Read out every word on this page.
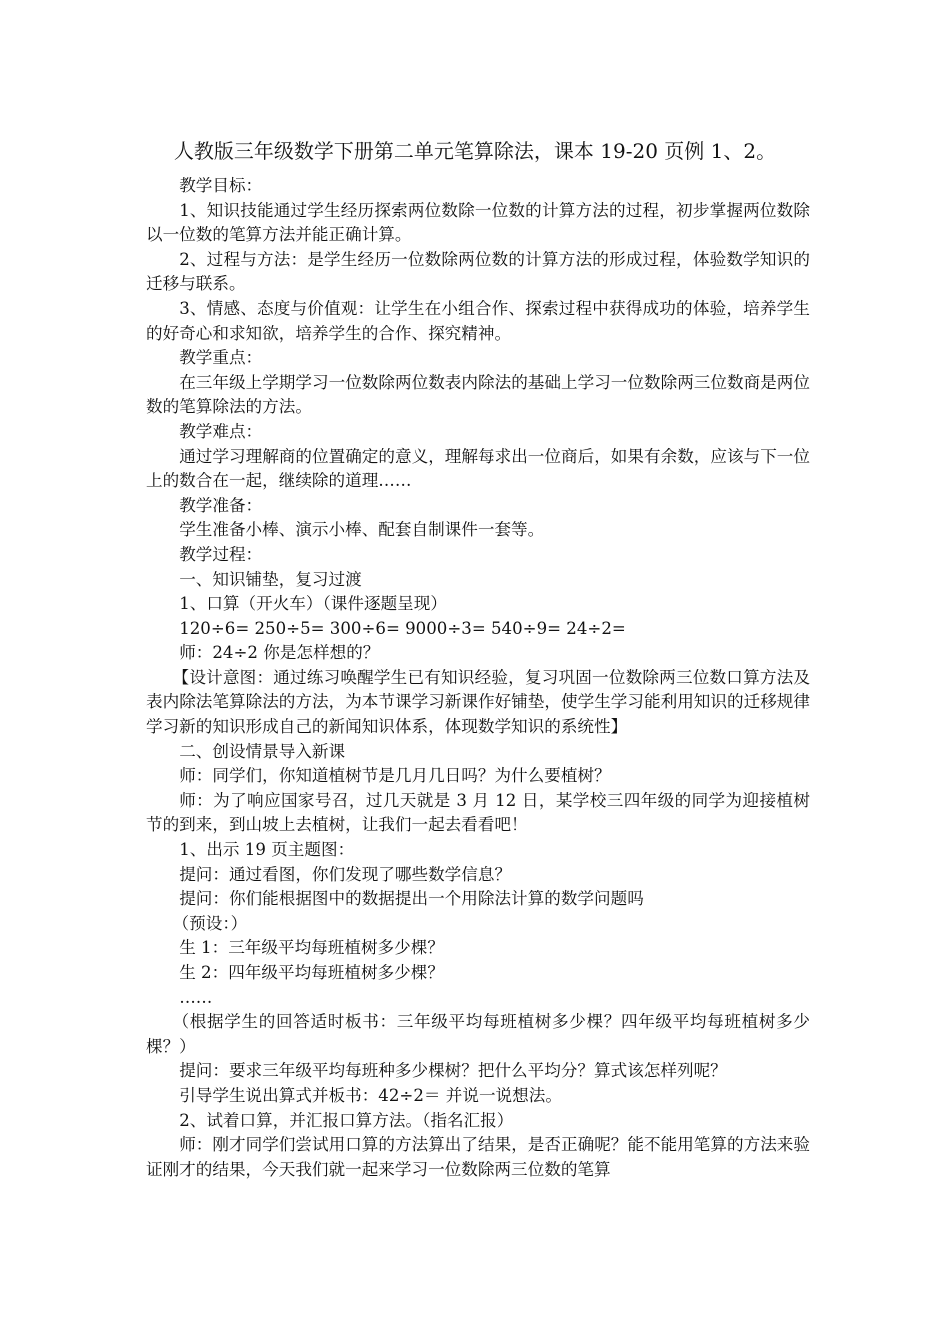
人教版三年级数学下册第二单元笔算除法，课本 19-20 页例 1、2。

教学目标：

1、知识技能通过学生经历探索两位数除一位数的计算方法的过程，初步掌握两位数除以一位数的笔算方法并能正确计算。

2、过程与方法：是学生经历一位数除两位数的计算方法的形成过程，体验数学知识的迁移与联系。

3、情感、态度与价值观：让学生在小组合作、探索过程中获得成功的体验，培养学生的好奇心和求知欲，培养学生的合作、探究精神。

教学重点：

在三年级上学期学习一位数除两位数表内除法的基础上学习一位数除两三位数商是两位数的笔算除法的方法。

教学难点：

通过学习理解商的位置确定的意义，理解每求出一位商后，如果有余数，应该与下一位上的数合在一起，继续除的道理……

教学准备：

学生准备小棒、演示小棒、配套自制课件一套等。

教学过程：

一、知识铺垫，复习过渡

1、口算（开火车）（课件逐题呈现）

120÷6= 250÷5= 300÷6= 9000÷3= 540÷9= 24÷2=

师：24÷2 你是怎样想的？

【设计意图：通过练习唤醒学生已有知识经验，复习巩固一位数除两三位数口算方法及表内除法笔算除法的方法，为本节课学习新课作好铺垫，使学生学习能利用知识的迁移规律学习新的知识形成自己的新闻知识体系，体现数学知识的系统性】

二、创设情景导入新课

师：同学们，你知道植树节是几月几日吗？为什么要植树？

师：为了响应国家号召，过几天就是 3 月 12 日，某学校三四年级的同学为迎接植树节的到来，到山坡上去植树，让我们一起去看看吧！

1、出示 19 页主题图：

提问：通过看图，你们发现了哪些数学信息？

提问：你们能根据图中的数据提出一个用除法计算的数学问题吗

（预设：）

生 1：三年级平均每班植树多少棵？

生 2：四年级平均每班植树多少棵？

……

（根据学生的回答适时板书：三年级平均每班植树多少棵？四年级平均每班植树多少棵？）

提问：要求三年级平均每班种多少棵树？把什么平均分？算式该怎样列呢？

引导学生说出算式并板书：42÷2＝ 并说一说想法。

2、试着口算，并汇报口算方法。（指名汇报）

师：刚才同学们尝试用口算的方法算出了结果，是否正确呢？能不能用笔算的方法来验证刚才的结果，今天我们就一起来学习一位数除两三位数的笔算
